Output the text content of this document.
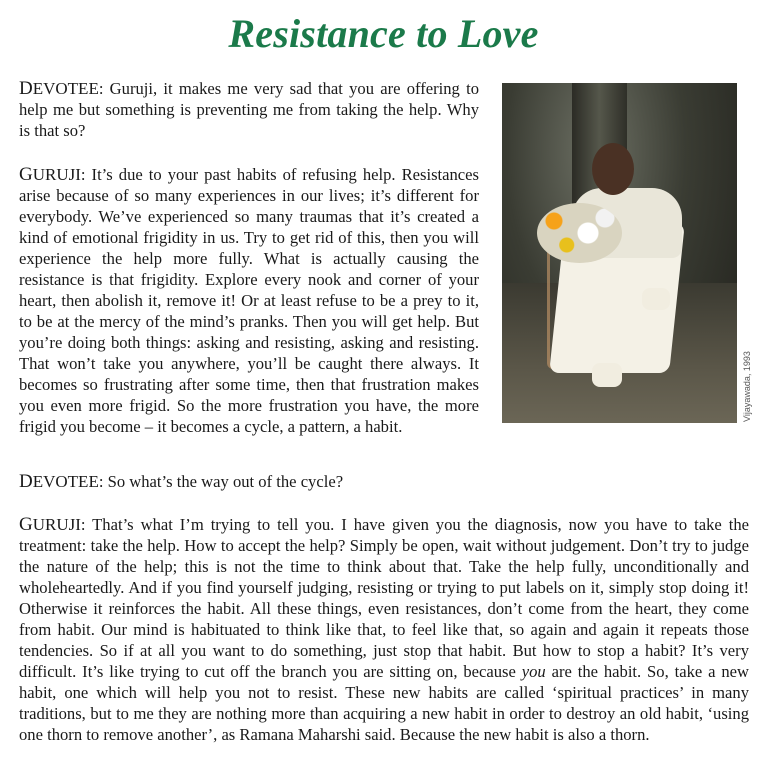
Resistance to Love

DEVOTEE: Guruji, it makes me very sad that you are offering to help me but something is preventing me from taking the help. Why is that so?

GURUJI: It’s due to your past habits of refusing help. Resistances arise because of so many experiences in our lives; it’s different for everybody. We’ve experienced so many traumas that it’s created a kind of emotional frigidity in us. Try to get rid of this, then you will experience the help more fully. What is actually causing the resistance is that frigidity. Explore every nook and corner of your heart, then abolish it, remove it! Or at least refuse to be a prey to it, to be at the mercy of the mind’s pranks. Then you will get help. But you’re doing both things: asking and resisting, asking and resisting. That won’t take you anywhere, you’ll be caught there always. It becomes so frustrating after some time, then that frustration makes you even more frigid. So the more frustration you have, the more frigid you become – it becomes a cycle, a pattern, a habit.

DEVOTEE: So what’s the way out of the cycle?

GURUJI: That’s what I’m trying to tell you. I have given you the diagnosis, now you have to take the treatment: take the help. How to accept the help? Simply be open, wait without judgement. Don’t try to judge the nature of the help; this is not the time to think about that. Take the help fully, unconditionally and wholeheartedly. And if you find yourself judging, resisting or trying to put labels on it, simply stop doing it! Otherwise it reinforces the habit. All these things, even resistances, don’t come from the heart, they come from habit. Our mind is habituated to think like that, to feel like that, so again and again it repeats those tendencies. So if at all you want to do something, just stop that habit. But how to stop a habit? It’s very difficult. It’s like trying to cut off the branch you are sitting on, because you are the habit. So, take a new habit, one which will help you not to resist. These new habits are called ‘spiritual practices’ in many traditions, but to me they are nothing more than acquiring a new habit in order to destroy an old habit, ‘using one thorn to remove another’, as Ramana Maharshi said. Because the new habit is also a thorn.

Vijayawada, 1993
